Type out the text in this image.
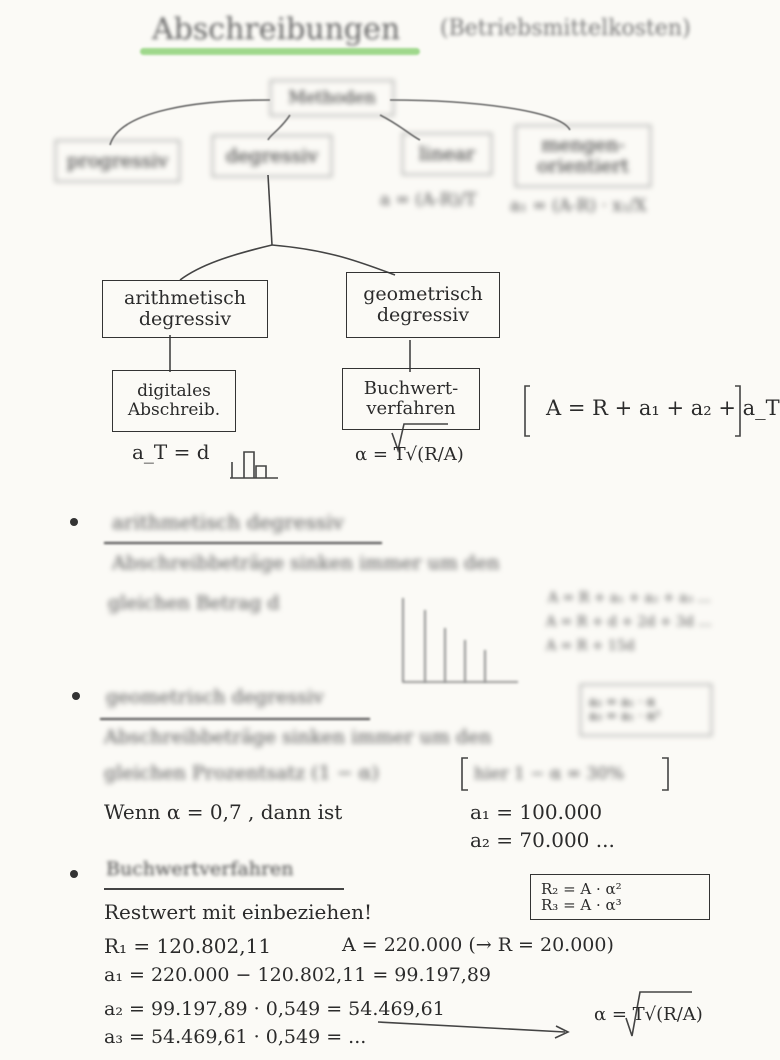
Abschreibungen (Betriebsmittelkosten)
Methoden
progressiv	degressiv	linear	mengen-
orientiert
a = (A-R)/T a₁ = (A-R) · x₁/X
arithmetisch
degressiv
geometrisch
degressiv
digitales
Abschreib.
Buchwert-
verfahren
a_T = d	α = T√(R/A)
A = R + a₁ + a₂ + a_T
arithmetisch degressiv
Abschreibbeträge sinken immer um den
gleichen Betrag d	A = R + a₁ + a₂ + a₃ ...
A = R + d + 2d + 3d ...
A = R + 15d
geometrisch degressiv	a₂ = a₁ · α
a₃ = a₁ · α²
Abschreibbeträge sinken immer um den
gleichen Prozentsatz (1 − α)	hier 1 − α = 30%
Wenn α = 0,7 , dann ist	a₁ = 100.000
a₂ = 70.000 ...
Buchwertverfahren
Restwert mit einbeziehen!
R₂ = A · α²
R₃ = A · α³
R₁ = 120.802,11	A = 220.000 (→ R = 20.000)
a₁ = 220.000 − 120.802,11 = 99.197,89
a₂ = 99.197,89 · 0,549 = 54.469,61	α = T√(R/A)
a₃ = 54.469,61 · 0,549 = ...
